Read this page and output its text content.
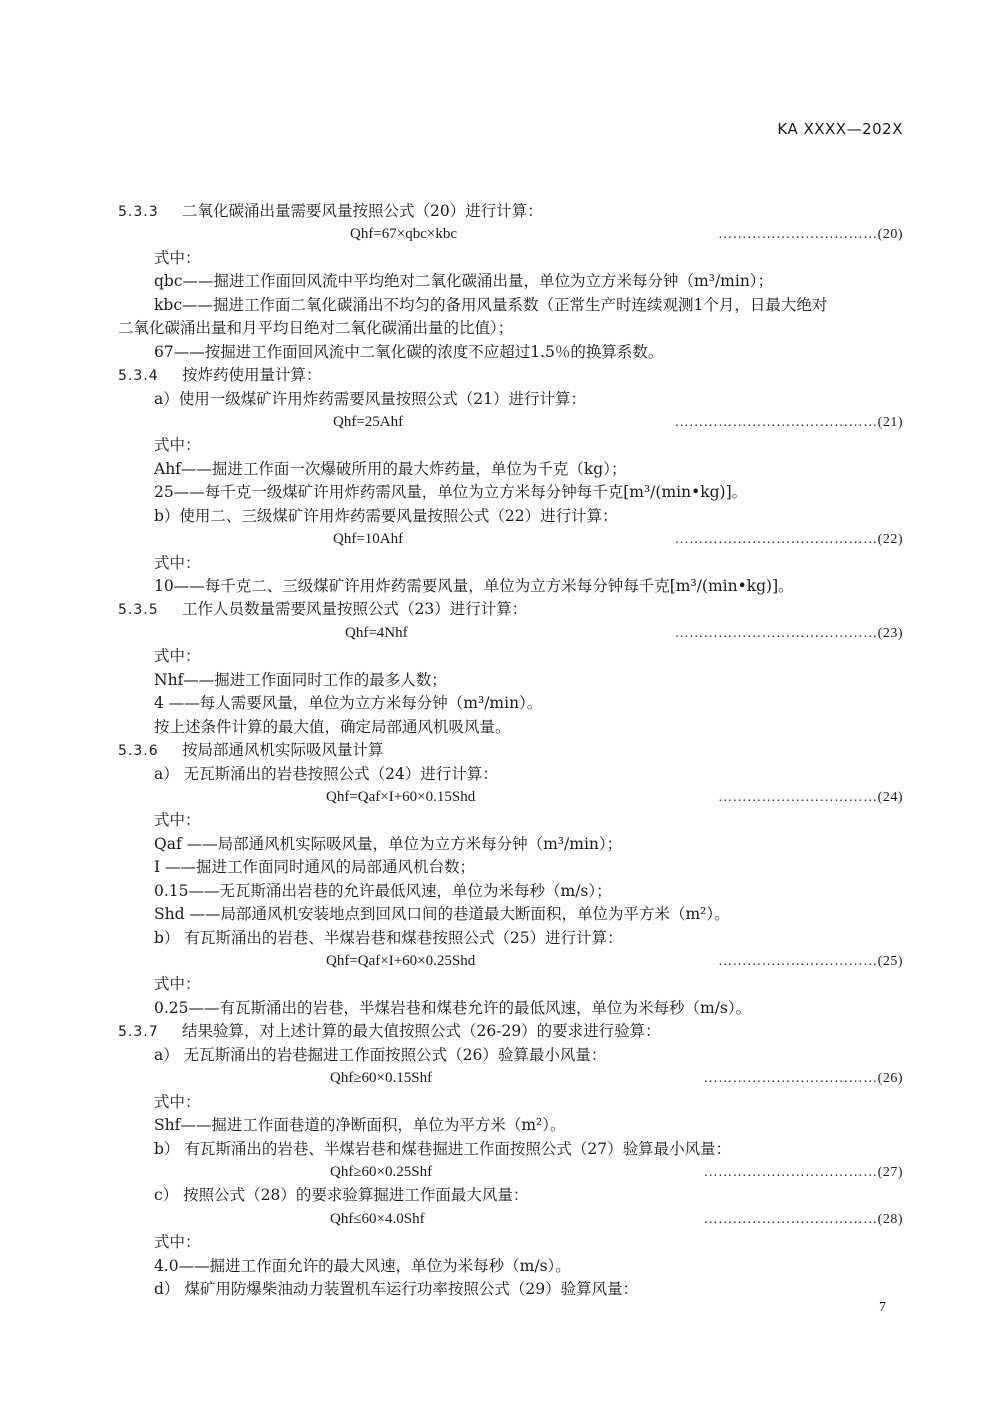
KA XXXX—202X
5.3.3 二氧化碳涌出量需要风量按照公式（20）进行计算：
Qhf=67×qbc×kbc	……………………………(20)
式中：
qbc——掘进工作面回风流中平均绝对二氧化碳涌出量，单位为立方米每分钟（m³/min）；
kbc——掘进工作面二氧化碳涌出不均匀的备用风量系数（正常生产时连续观测1个月，日最大绝对
二氧化碳涌出量和月平均日绝对二氧化碳涌出量的比值）；
67——按掘进工作面回风流中二氧化碳的浓度不应超过1.5％的换算系数。
5.3.4 按炸药使用量计算：
a）使用一级煤矿许用炸药需要风量按照公式（21）进行计算：
Qhf=25Ahf	……………………………………(21)
式中：
Ahf——掘进工作面一次爆破所用的最大炸药量，单位为千克（kg）；
25——每千克一级煤矿许用炸药需风量，单位为立方米每分钟每千克[m³/(min•kg)]。
b）使用二、三级煤矿许用炸药需要风量按照公式（22）进行计算：
Qhf=10Ahf	……………………………………(22)
式中：
10——每千克二、三级煤矿许用炸药需要风量，单位为立方米每分钟每千克[m³/(min•kg)]。
5.3.5 工作人员数量需要风量按照公式（23）进行计算：
Qhf=4Nhf	……………………………………(23)
式中：
Nhf——掘进工作面同时工作的最多人数；
4 ——每人需要风量，单位为立方米每分钟（m³/min）。
按上述条件计算的最大值，确定局部通风机吸风量。
5.3.6 按局部通风机实际吸风量计算
a） 无瓦斯涌出的岩巷按照公式（24）进行计算：
Qhf=Qaf×I+60×0.15Shd	……………………………(24)
式中：
Qaf ——局部通风机实际吸风量，单位为立方米每分钟（m³/min）；
I ——掘进工作面同时通风的局部通风机台数；
0.15——无瓦斯涌出岩巷的允许最低风速，单位为米每秒（m/s）；
Shd ——局部通风机安装地点到回风口间的巷道最大断面积，单位为平方米（m²）。
b） 有瓦斯涌出的岩巷、半煤岩巷和煤巷按照公式（25）进行计算：
Qhf=Qaf×I+60×0.25Shd	……………………………(25)
式中：
0.25——有瓦斯涌出的岩巷，半煤岩巷和煤巷允许的最低风速，单位为米每秒（m/s）。
5.3.7 结果验算，对上述计算的最大值按照公式（26-29）的要求进行验算：
a） 无瓦斯涌出的岩巷掘进工作面按照公式（26）验算最小风量：
Qhf≥60×0.15Shf	………………………………(26)
式中：
Shf——掘进工作面巷道的净断面积，单位为平方米（m²）。
b） 有瓦斯涌出的岩巷、半煤岩巷和煤巷掘进工作面按照公式（27）验算最小风量：
Qhf≥60×0.25Shf	………………………………(27)
c） 按照公式（28）的要求验算掘进工作面最大风量：
Qhf≤60×4.0Shf	………………………………(28)
式中：
4.0——掘进工作面允许的最大风速，单位为米每秒（m/s）。
d） 煤矿用防爆柴油动力装置机车运行功率按照公式（29）验算风量：
7
